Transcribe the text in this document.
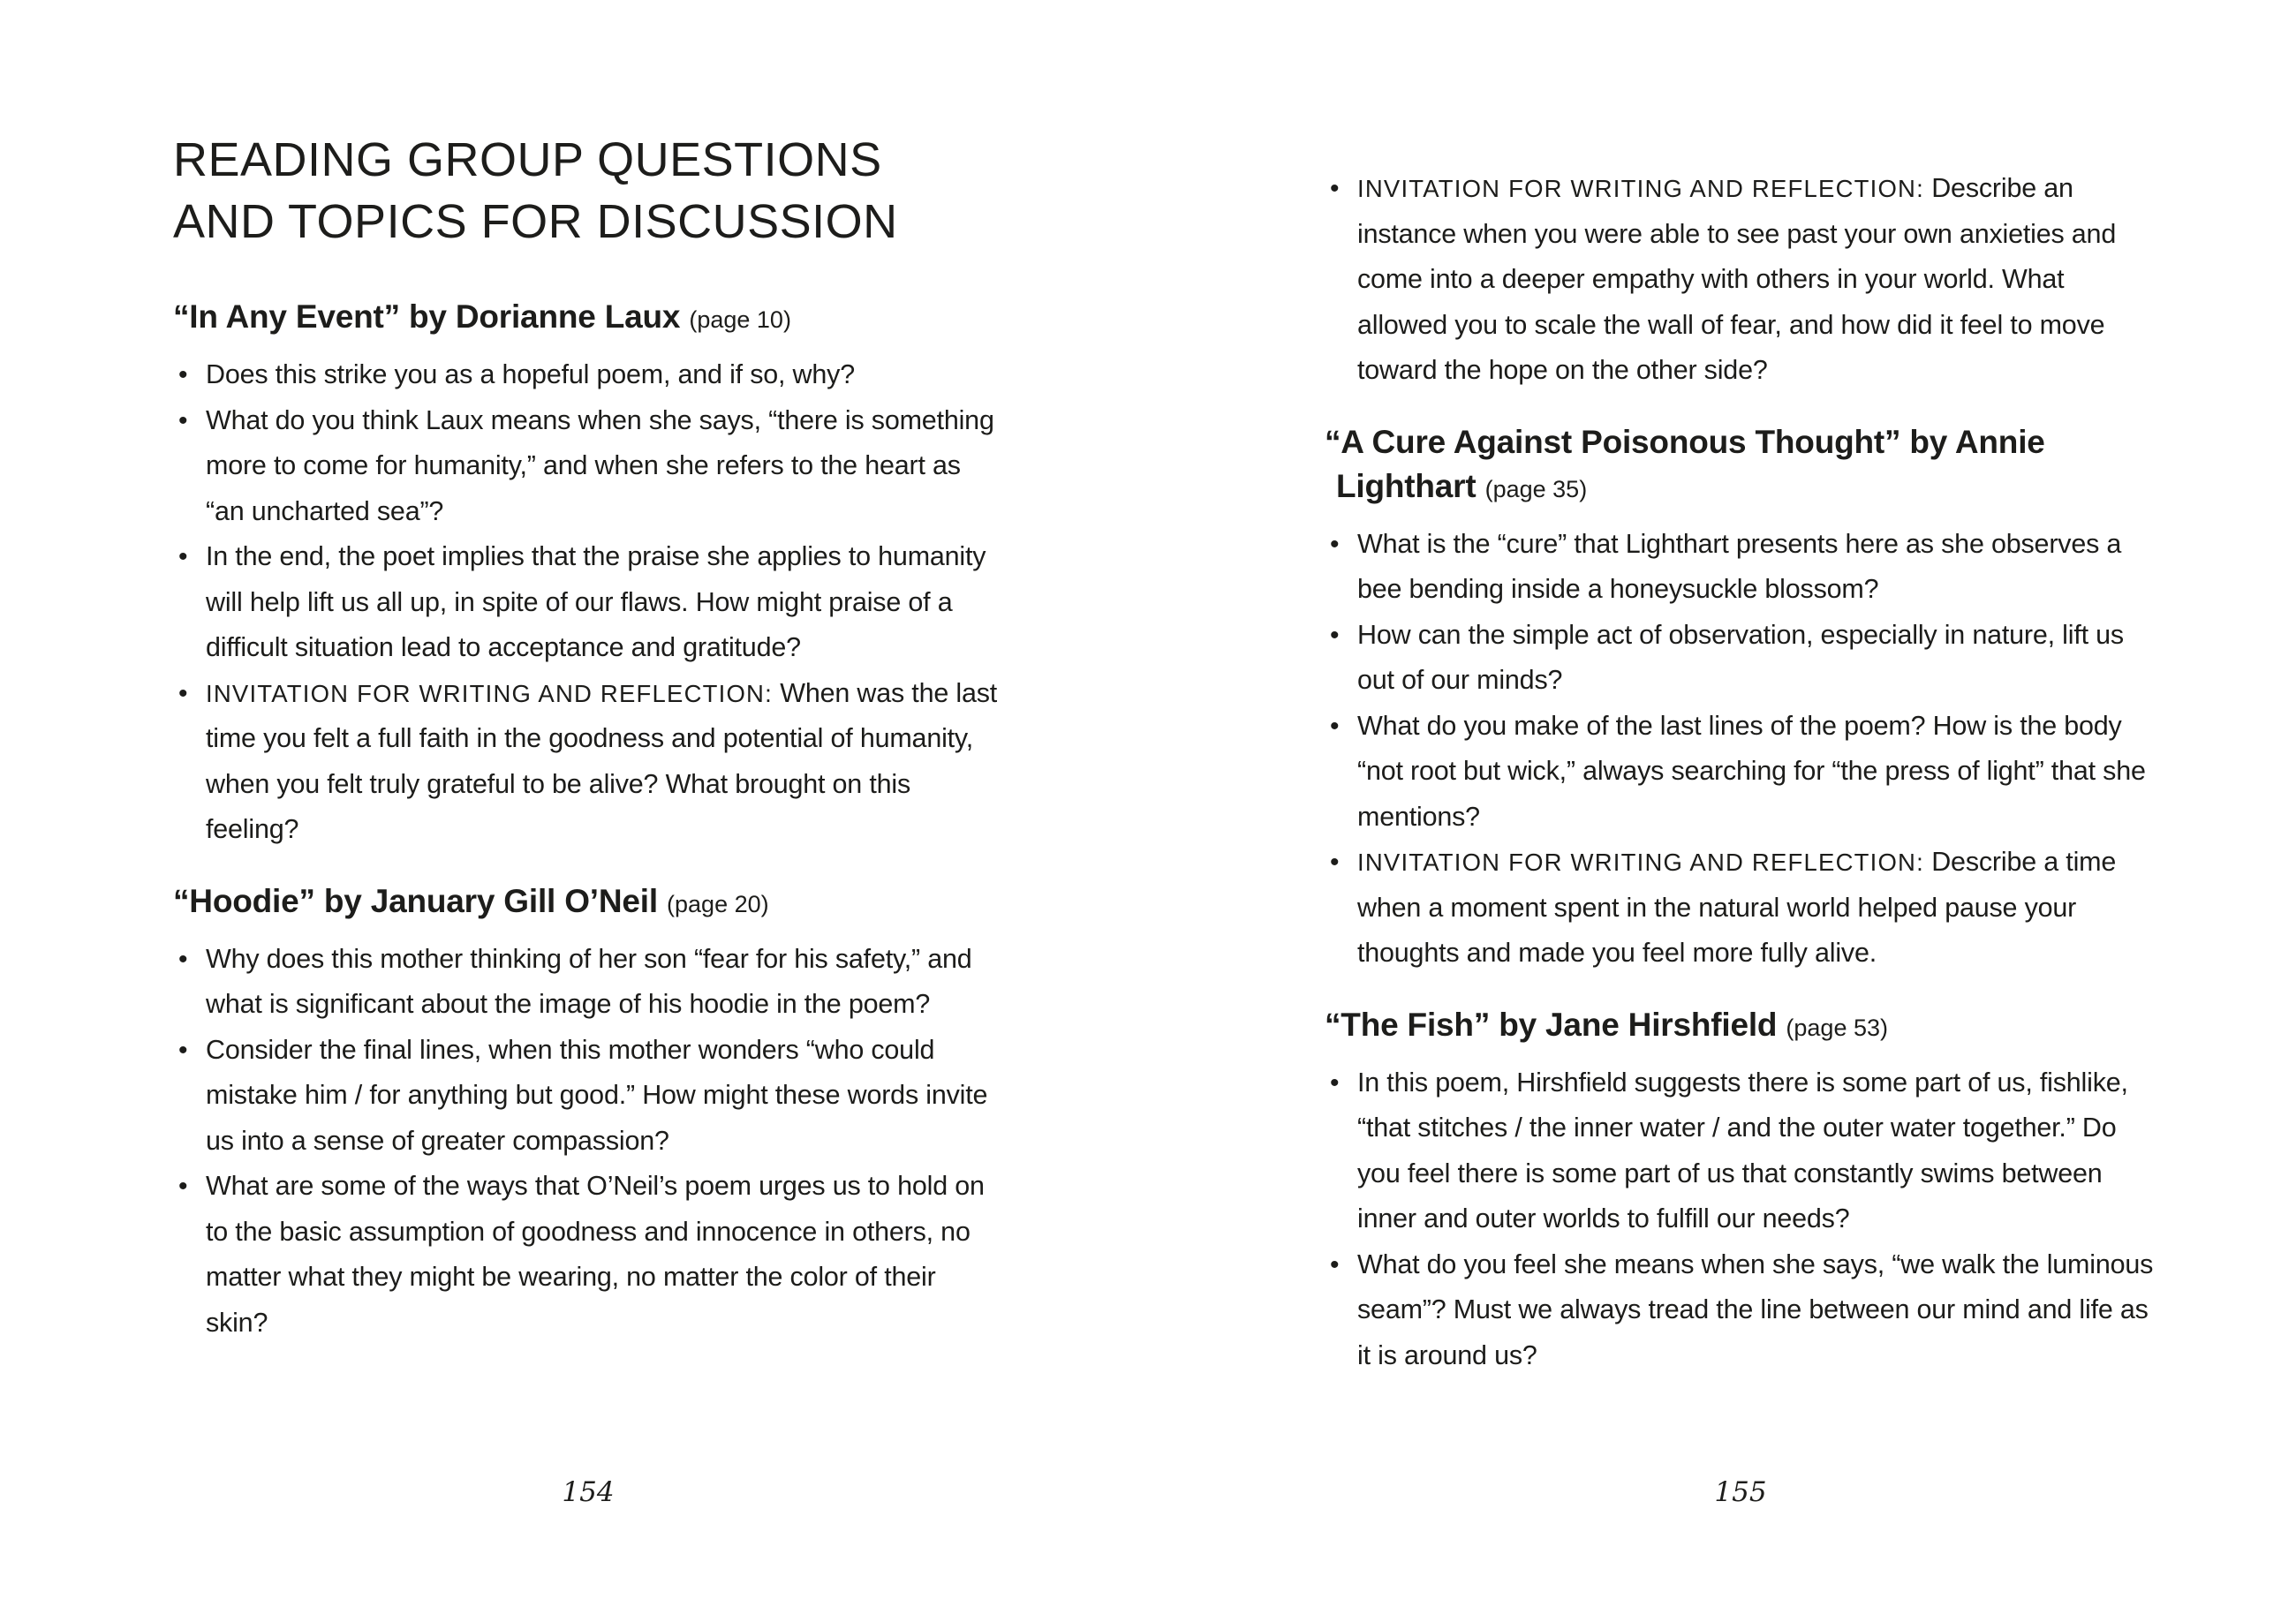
READING GROUP QUESTIONS
AND TOPICS FOR DISCUSSION
“In Any Event” by Dorianne Laux (page 10)
•
Does this strike you as a hopeful poem, and if so, why?
•
What do you think Laux means when she says, “there is something more to come for humanity,” and when she refers to the heart as “an uncharted sea”?
•
In the end, the poet implies that the praise she applies to humanity will help lift us all up, in spite of our flaws. How might praise of a difficult situation lead to acceptance and gratitude?
•
INVITATION FOR WRITING AND REFLECTION: When was the last time you felt a full faith in the goodness and potential of humanity, when you felt truly grateful to be alive? What brought on this feeling?
“Hoodie” by January Gill O’Neil (page 20)
•
Why does this mother thinking of her son “fear for his safety,” and what is significant about the image of his hoodie in the poem?
•
Consider the final lines, when this mother wonders “who could mistake him / for anything but good.” How might these words invite us into a sense of greater compassion?
•
What are some of the ways that O’Neil’s poem urges us to hold on to the basic assumption of goodness and innocence in others, no matter what they might be wearing, no matter the color of their skin?
154
•
INVITATION FOR WRITING AND REFLECTION: Describe an instance when you were able to see past your own anxieties and come into a deeper empathy with others in your world. What allowed you to scale the wall of fear, and how did it feel to move toward the hope on the other side?
“A Cure Against Poisonous Thought” by Annie Lighthart (page 35)
•
What is the “cure” that Lighthart presents here as she observes a bee bending inside a honeysuckle blossom?
•
How can the simple act of observation, especially in nature, lift us out of our minds?
•
What do you make of the last lines of the poem? How is the body “not root but wick,” always searching for “the press of light” that she mentions?
•
INVITATION FOR WRITING AND REFLECTION: Describe a time when a moment spent in the natural world helped pause your thoughts and made you feel more fully alive.
“The Fish” by Jane Hirshfield (page 53)
•
In this poem, Hirshfield suggests there is some part of us, fishlike, “that stitches / the inner water / and the outer water together.” Do you feel there is some part of us that constantly swims between inner and outer worlds to fulfill our needs?
•
What do you feel she means when she says, “we walk the luminous seam”? Must we always tread the line between our mind and life as it is around us?
155
